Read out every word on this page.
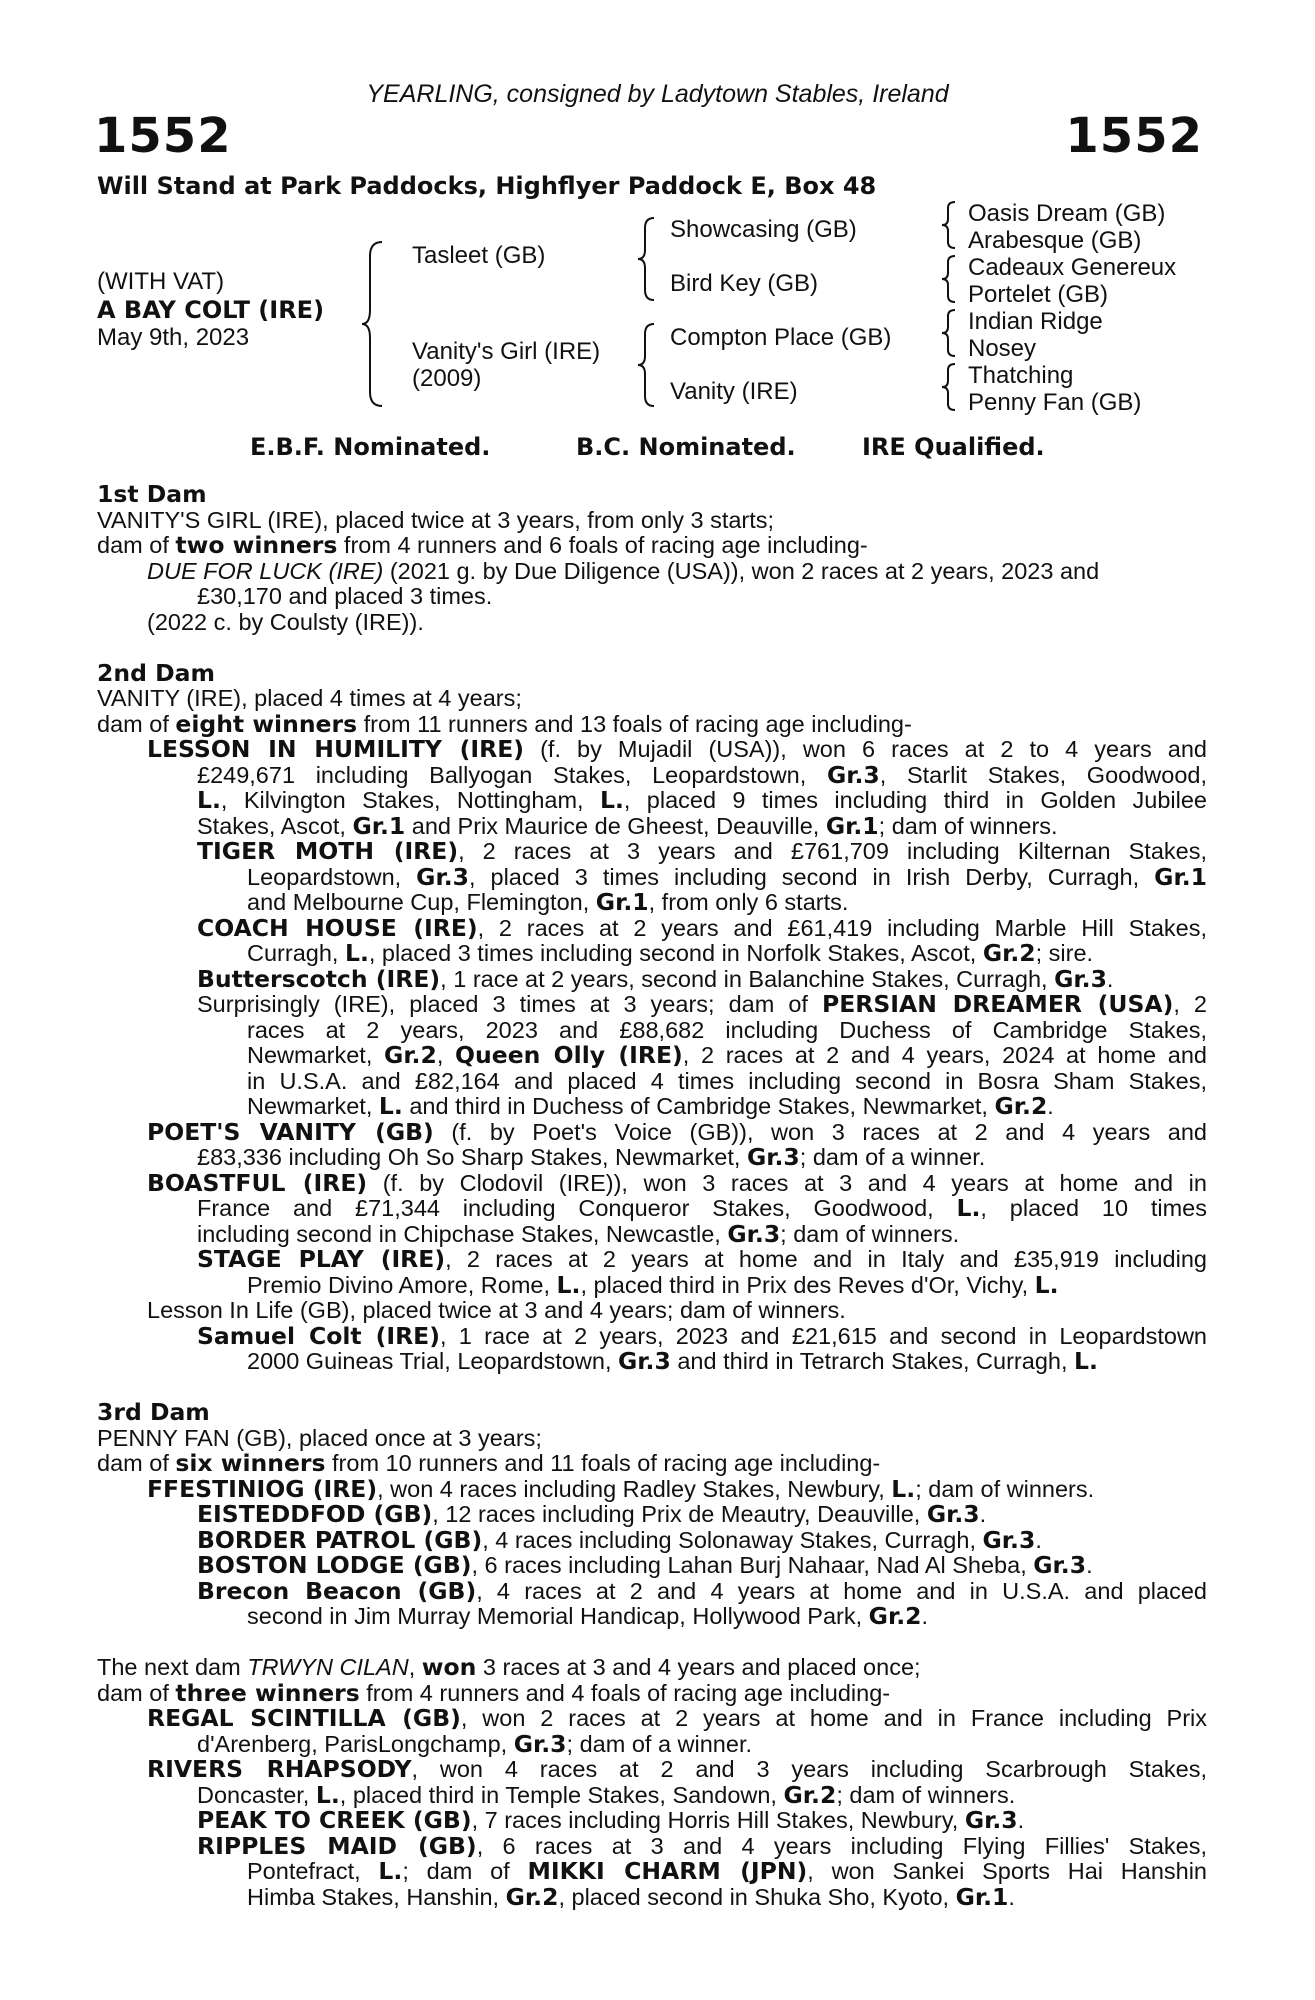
YEARLING, consigned by Ladytown Stables, Ireland
1552	1552
Will Stand at Park Paddocks, Highflyer Paddock E, Box 48
(WITH VAT)
A BAY COLT (IRE)
May 9th, 2023
Tasleet (GB)
Vanity's Girl (IRE)
(2009)
Showcasing (GB)
Bird Key (GB)
Compton Place (GB)
Vanity (IRE)
Oasis Dream (GB)
Arabesque (GB)
Cadeaux Genereux
Portelet (GB)
Indian Ridge
Nosey
Thatching
Penny Fan (GB)
E.B.F. Nominated.	B.C. Nominated.	IRE Qualified.
1st Dam
VANITY'S GIRL (IRE), placed twice at 3 years, from only 3 starts;
dam of two winners from 4 runners and 6 foals of racing age including-
DUE FOR LUCK (IRE) (2021 g. by Due Diligence (USA)), won 2 races at 2 years, 2023 and
£30,170 and placed 3 times.
(2022 c. by Coulsty (IRE)).
2nd Dam
VANITY (IRE), placed 4 times at 4 years;
dam of eight winners from 11 runners and 13 foals of racing age including-
LESSON IN HUMILITY (IRE) (f. by Mujadil (USA)), won 6 races at 2 to 4 years and
£249,671 including Ballyogan Stakes, Leopardstown, Gr.3, Starlit Stakes, Goodwood,
L., Kilvington Stakes, Nottingham, L., placed 9 times including third in Golden Jubilee
Stakes, Ascot, Gr.1 and Prix Maurice de Gheest, Deauville, Gr.1; dam of winners.
TIGER MOTH (IRE), 2 races at 3 years and £761,709 including Kilternan Stakes,
Leopardstown, Gr.3, placed 3 times including second in Irish Derby, Curragh, Gr.1
and Melbourne Cup, Flemington, Gr.1, from only 6 starts.
COACH HOUSE (IRE), 2 races at 2 years and £61,419 including Marble Hill Stakes,
Curragh, L., placed 3 times including second in Norfolk Stakes, Ascot, Gr.2; sire.
Butterscotch (IRE), 1 race at 2 years, second in Balanchine Stakes, Curragh, Gr.3.
Surprisingly (IRE), placed 3 times at 3 years; dam of PERSIAN DREAMER (USA), 2
races at 2 years, 2023 and £88,682 including Duchess of Cambridge Stakes,
Newmarket, Gr.2, Queen Olly (IRE), 2 races at 2 and 4 years, 2024 at home and
in U.S.A. and £82,164 and placed 4 times including second in Bosra Sham Stakes,
Newmarket, L. and third in Duchess of Cambridge Stakes, Newmarket, Gr.2.
POET'S VANITY (GB) (f. by Poet's Voice (GB)), won 3 races at 2 and 4 years and
£83,336 including Oh So Sharp Stakes, Newmarket, Gr.3; dam of a winner.
BOASTFUL (IRE) (f. by Clodovil (IRE)), won 3 races at 3 and 4 years at home and in
France and £71,344 including Conqueror Stakes, Goodwood, L., placed 10 times
including second in Chipchase Stakes, Newcastle, Gr.3; dam of winners.
STAGE PLAY (IRE), 2 races at 2 years at home and in Italy and £35,919 including
Premio Divino Amore, Rome, L., placed third in Prix des Reves d'Or, Vichy, L.
Lesson In Life (GB), placed twice at 3 and 4 years; dam of winners.
Samuel Colt (IRE), 1 race at 2 years, 2023 and £21,615 and second in Leopardstown
2000 Guineas Trial, Leopardstown, Gr.3 and third in Tetrarch Stakes, Curragh, L.
3rd Dam
PENNY FAN (GB), placed once at 3 years;
dam of six winners from 10 runners and 11 foals of racing age including-
FFESTINIOG (IRE), won 4 races including Radley Stakes, Newbury, L.; dam of winners.
EISTEDDFOD (GB), 12 races including Prix de Meautry, Deauville, Gr.3.
BORDER PATROL (GB), 4 races including Solonaway Stakes, Curragh, Gr.3.
BOSTON LODGE (GB), 6 races including Lahan Burj Nahaar, Nad Al Sheba, Gr.3.
Brecon Beacon (GB), 4 races at 2 and 4 years at home and in U.S.A. and placed
second in Jim Murray Memorial Handicap, Hollywood Park, Gr.2.
The next dam TRWYN CILAN, won 3 races at 3 and 4 years and placed once;
dam of three winners from 4 runners and 4 foals of racing age including-
REGAL SCINTILLA (GB), won 2 races at 2 years at home and in France including Prix
d'Arenberg, ParisLongchamp, Gr.3; dam of a winner.
RIVERS RHAPSODY, won 4 races at 2 and 3 years including Scarbrough Stakes,
Doncaster, L., placed third in Temple Stakes, Sandown, Gr.2; dam of winners.
PEAK TO CREEK (GB), 7 races including Horris Hill Stakes, Newbury, Gr.3.
RIPPLES MAID (GB), 6 races at 3 and 4 years including Flying Fillies' Stakes,
Pontefract, L.; dam of MIKKI CHARM (JPN), won Sankei Sports Hai Hanshin
Himba Stakes, Hanshin, Gr.2, placed second in Shuka Sho, Kyoto, Gr.1.
